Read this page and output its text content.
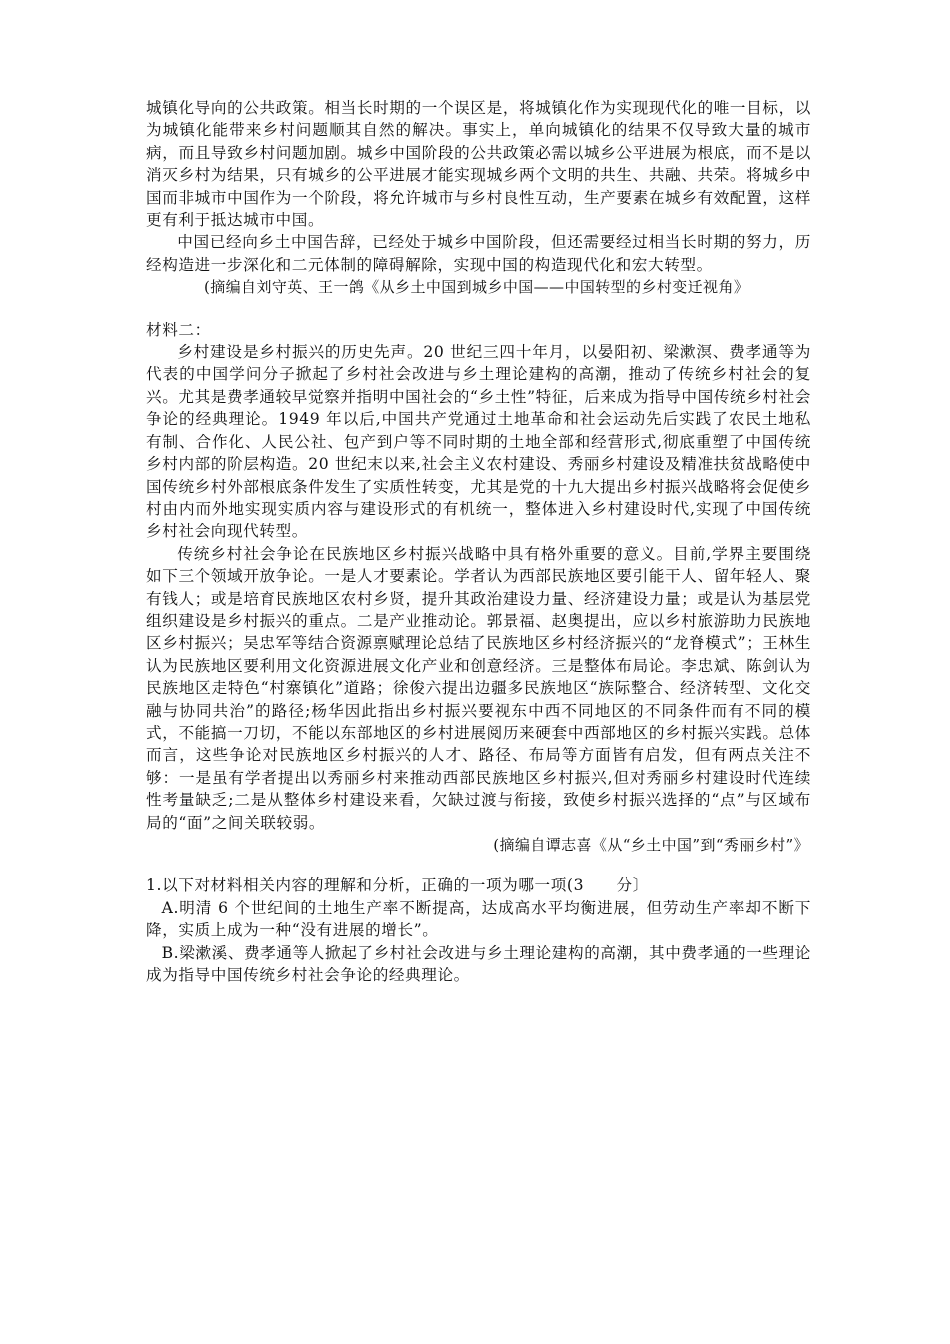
城镇化导向的公共政策。相当长时期的一个误区是，将城镇化作为实现现代化的唯一目标，以为城镇化能带来乡村问题顺其自然的解决。事实上，单向城镇化的结果不仅导致大量的城市病，而且导致乡村问题加剧。城乡中国阶段的公共政策必需以城乡公平进展为根底，而不是以消灭乡村为结果，只有城乡的公平进展才能实现城乡两个文明的共生、共融、共荣。将城乡中国而非城市中国作为一个阶段，将允许城市与乡村良性互动，生产要素在城乡有效配置，这样更有利于抵达城市中国。

中国已经向乡土中国告辞，已经处于城乡中国阶段，但还需要经过相当长时期的努力，历经构造进一步深化和二元体制的障碍解除，实现中国的构造现代化和宏大转型。

(摘编自刘守英、王一鸽《从乡土中国到城乡中国——中国转型的乡村变迁视角》

材料二：

乡村建设是乡村振兴的历史先声。20 世纪三四十年月，以晏阳初、梁漱溟、费孝通等为代表的中国学问分子掀起了乡村社会改进与乡土理论建构的高潮，推动了传统乡村社会的复兴。尤其是费孝通较早觉察并指明中国社会的“乡土性”特征，后来成为指导中国传统乡村社会争论的经典理论。1949 年以后,中国共产党通过土地革命和社会运动先后实践了农民土地私有制、合作化、人民公社、包产到户等不同时期的土地全部和经营形式,彻底重塑了中国传统乡村内部的阶层构造。20 世纪末以来,社会主义农村建设、秀丽乡村建设及精准扶贫战略使中国传统乡村外部根底条件发生了实质性转变，尤其是党的十九大提出乡村振兴战略将会促使乡村由内而外地实现实质内容与建设形式的有机统一，整体进入乡村建设时代,实现了中国传统乡村社会向现代转型。

传统乡村社会争论在民族地区乡村振兴战略中具有格外重要的意义。目前,学界主要围绕如下三个领域开放争论。一是人才要素论。学者认为西部民族地区要引能干人、留年轻人、聚有钱人；或是培育民族地区农村乡贤，提升其政治建设力量、经济建设力量；或是认为基层党组织建设是乡村振兴的重点。二是产业推动论。郭景福、赵奥提出，应以乡村旅游助力民族地区乡村振兴；吴忠军等结合资源禀赋理论总结了民族地区乡村经济振兴的“龙脊模式”；王林生认为民族地区要利用文化资源进展文化产业和创意经济。三是整体布局论。李忠斌、陈剑认为民族地区走特色“村寨镇化”道路；徐俊六提出边疆多民族地区“族际整合、经济转型、文化交融与协同共治”的路径;杨华因此指出乡村振兴要视东中西不同地区的不同条件而有不同的模式，不能搞一刀切，不能以东部地区的乡村进展阅历来硬套中西部地区的乡村振兴实践。总体而言，这些争论对民族地区乡村振兴的人才、路径、布局等方面皆有启发，但有两点关注不够：一是虽有学者提出以秀丽乡村来推动西部民族地区乡村振兴,但对秀丽乡村建设时代连续性考量缺乏;二是从整体乡村建设来看，欠缺过渡与衔接，致使乡村振兴选择的“点”与区域布局的“面”之间关联较弱。

(摘编自谭志喜《从“乡土中国”到“秀丽乡村”》

1.以下对材料相关内容的理解和分析，正确的一项为哪一项(3　　分〕

A.明清 6 个世纪间的土地生产率不断提高，达成高水平均衡进展，但劳动生产率却不断下降，实质上成为一种“没有进展的增长”。

B.梁漱溪、费孝通等人掀起了乡村社会改进与乡土理论建构的高潮，其中费孝通的一些理论成为指导中国传统乡村社会争论的经典理论。
